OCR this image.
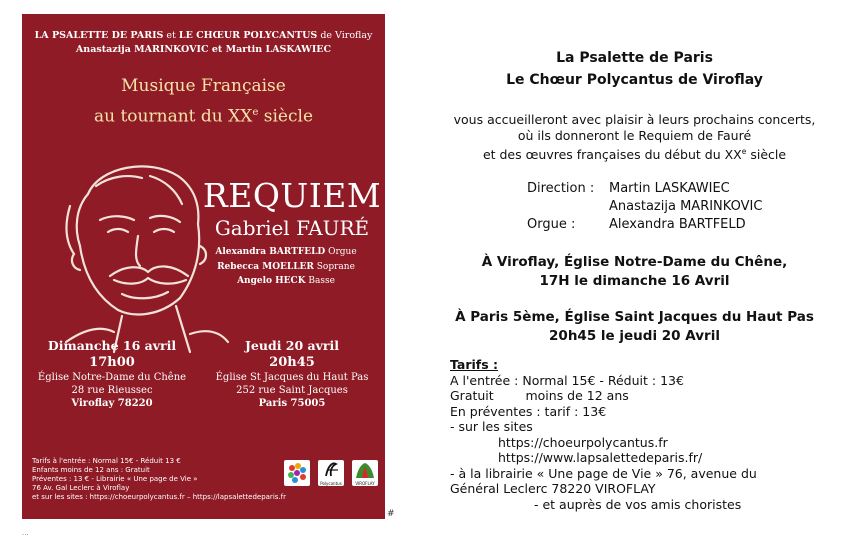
LA PSALETTE DE PARIS et LE CHŒUR POLYCANTUS de Viroflay
Anastazija MARINKOVIC et Martin LASKAWIEC
Musique Française
au tournant du XXe siècle
REQUIEM
Gabriel FAURÉ
Alexandra BARTFELD Orgue
Rebecca MOELLER Soprane
Angelo HECK Basse
Dimanche 16 avril
17h00
Église Notre-Dame du Chêne
28 rue Rieussec
Viroflay 78220
Jeudi 20 avril
20h45
Église St Jacques du Haut Pas
252 rue Saint Jacques
Paris 75005
Tarifs à l'entrée : Normal 15€ - Réduit 13 €
Enfants moins de 12 ans : Gratuit
Préventes : 13 € - Librairie « Une page de Vie »
76 Av. Gal Leclerc à Viroflay
et sur les sites : https://choeurpolycantus.fr – https://lapsalettedeparis.fr
Polycantus	VIROFLAY
#
...
La Psalette de Paris
Le Chœur Polycantus de Viroflay
vous accueilleront avec plaisir à leurs prochains concerts,
où ils donneront le Requiem de Fauré
et des œuvres françaises du début du XXe siècle
Direction : Martin LASKAWIEC
Anastazija MARINKOVIC
Orgue :	Alexandra BARTFELD
À Viroflay, Église Notre-Dame du Chêne,
17H le dimanche 16 Avril
À Paris 5ème, Église Saint Jacques du Haut Pas
20h45 le jeudi 20 Avril
Tarifs :
A l'entrée : Normal 15€ - Réduit : 13€
Gratuit        moins de 12 ans
En préventes : tarif : 13€
- sur les sites
https://choeurpolycantus.fr
https://www.lapsalettedeparis.fr/
- à la librairie « Une page de Vie » 76, avenue du
Général Leclerc 78220 VIROFLAY
- et auprès de vos amis choristes
